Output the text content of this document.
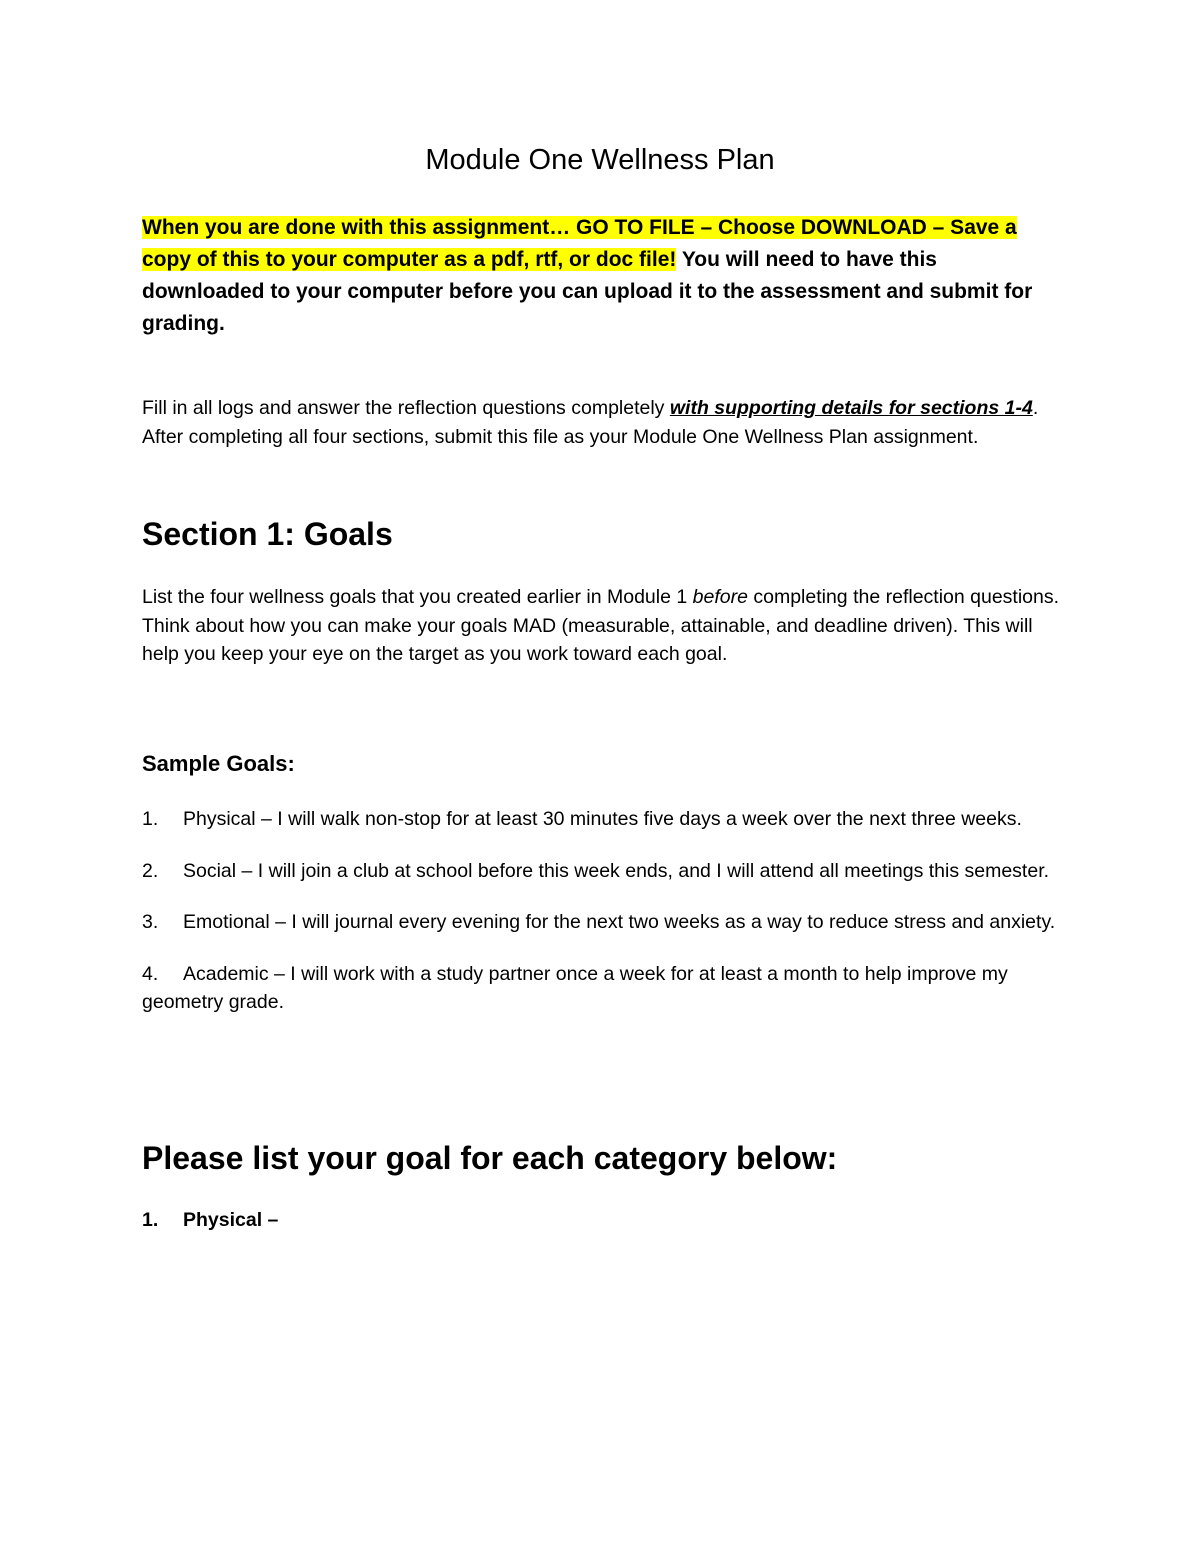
Module One Wellness Plan

When you are done with this assignment… GO TO FILE – Choose DOWNLOAD – Save a copy of this to your computer as a pdf, rtf, or doc file! You will need to have this downloaded to your computer before you can upload it to the assessment and submit for grading.

Fill in all logs and answer the reflection questions completely with supporting details for sections 1-4. After completing all four sections, submit this file as your Module One Wellness Plan assignment.

Section 1: Goals

List the four wellness goals that you created earlier in Module 1 before completing the reflection questions. Think about how you can make your goals MAD (measurable, attainable, and deadline driven). This will help you keep your eye on the target as you work toward each goal.

Sample Goals:
1. Physical – I will walk non-stop for at least 30 minutes five days a week over the next three weeks.
2. Social – I will join a club at school before this week ends, and I will attend all meetings this semester.
3. Emotional – I will journal every evening for the next two weeks as a way to reduce stress and anxiety.
4. Academic – I will work with a study partner once a week for at least a month to help improve my geometry grade.
Please list your goal for each category below:

1. Physical –
